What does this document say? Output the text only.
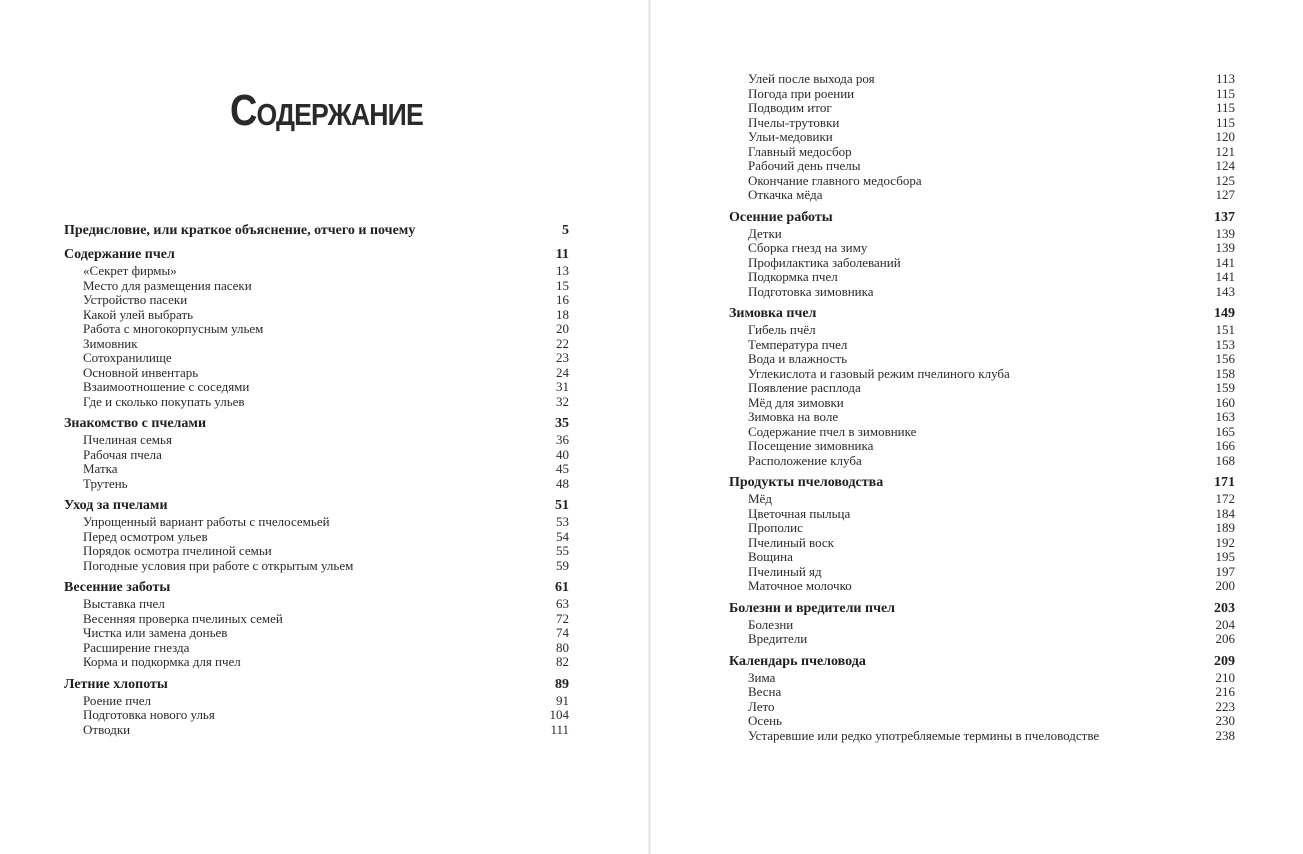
Содержание
Предисловие, или краткое объяснение, отчего и почему	5
Содержание пчел	11
«Секрет фирмы»	13
Место для размещения пасеки	15
Устройство пасеки	16
Какой улей выбрать	18
Работа с многокорпусным ульем	20
Зимовник	22
Сотохранилище	23
Основной инвентарь	24
Взаимоотношение с соседями	31
Где и сколько покупать ульев	32
Знакомство с пчелами	35
Пчелиная семья	36
Рабочая пчела	40
Матка	45
Трутень	48
Уход за пчелами	51
Упрощенный вариант работы с пчелосемьей	53
Перед осмотром ульев	54
Порядок осмотра пчелиной семьи	55
Погодные условия при работе с открытым ульем	59
Весенние заботы	61
Выставка пчел	63
Весенняя проверка пчелиных семей	72
Чистка или замена доньев	74
Расширение гнезда	80
Корма и подкормка для пчел	82
Летние хлопоты	89
Роение пчел	91
Подготовка нового улья	104
Отводки	111
Улей после выхода роя	113
Погода при роении	115
Подводим итог	115
Пчелы-трутовки	115
Ульи-медовики	120
Главный медосбор	121
Рабочий день пчелы	124
Окончание главного медосбора	125
Откачка мёда	127
Осенние работы	137
Детки	139
Сборка гнезд на зиму	139
Профилактика заболеваний	141
Подкормка пчел	141
Подготовка зимовника	143
Зимовка пчел	149
Гибель пчёл	151
Температура пчел	153
Вода и влажность	156
Углекислота и газовый режим пчелиного клуба	158
Появление расплода	159
Мёд для зимовки	160
Зимовка на воле	163
Содержание пчел в зимовнике	165
Посещение зимовника	166
Расположение клуба	168
Продукты пчеловодства	171
Мёд	172
Цветочная пыльца	184
Прополис	189
Пчелиный воск	192
Вощина	195
Пчелиный яд	197
Маточное молочко	200
Болезни и вредители пчел	203
Болезни	204
Вредители	206
Календарь пчеловода	209
Зима	210
Весна	216
Лето	223
Осень	230
Устаревшие или редко употребляемые термины в пчеловодстве	238
